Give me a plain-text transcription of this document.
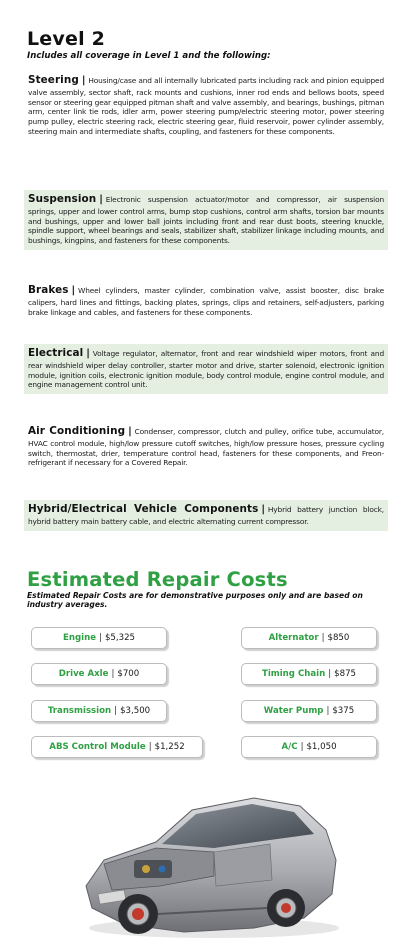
Level 2
Includes all coverage in Level 1 and the following:
Steering | Housing/case and all internally lubricated parts including rack and pinion equipped valve assembly, sector shaft, rack mounts and cushions, inner rod ends and bellows boots, speed sensor or steering gear equipped pitman shaft and valve assembly, and bearings, bushings, pitman arm, center link tie rods, idler arm, power steering pump/electric steering motor, power steering pump pulley, electric steering rack, electric steering gear, fluid reservoir, power cylinder assembly, steering main and intermediate shafts, coupling, and fasteners for these components.
Suspension | Electronic suspension actuator/motor and compressor, air suspension springs, upper and lower control arms, bump stop cushions, control arm shafts, torsion bar mounts and bushings, upper and lower ball joints including front and rear dust boots, steering knuckle, spindle support, wheel bearings and seals, stabilizer shaft, stabilizer linkage including mounts, and bushings, kingpins, and fasteners for these components.
Brakes | Wheel cylinders, master cylinder, combination valve, assist booster, disc brake calipers, hard lines and fittings, backing plates, springs, clips and retainers, self-adjusters, parking brake linkage and cables, and fasteners for these components.
Electrical | Voltage regulator, alternator, front and rear windshield wiper motors, front and rear windshield wiper delay controller, starter motor and drive, starter solenoid, electronic ignition module, ignition coils, electronic ignition module, body control module, engine control module, and engine management control unit.
Air Conditioning | Condenser, compressor, clutch and pulley, orifice tube, accumulator, HVAC control module, high/low pressure cutoff switches, high/low pressure hoses, pressure cycling switch, thermostat, drier, temperature control head, fasteners for these components, and Freon-refrigerant if necessary for a Covered Repair.
Hybrid/Electrical Vehicle Components | Hybrid battery junction block, hybrid battery main battery cable, and electric alternating current compressor.
Estimated Repair Costs
Estimated Repair Costs are for demonstrative purposes only and are based on industry averages.
Engine | $5,325	Alternator | $850
Drive Axle | $700	Timing Chain | $875
Transmission | $3,500	Water Pump | $375
ABS Control Module | $1,252	A/C | $1,050
